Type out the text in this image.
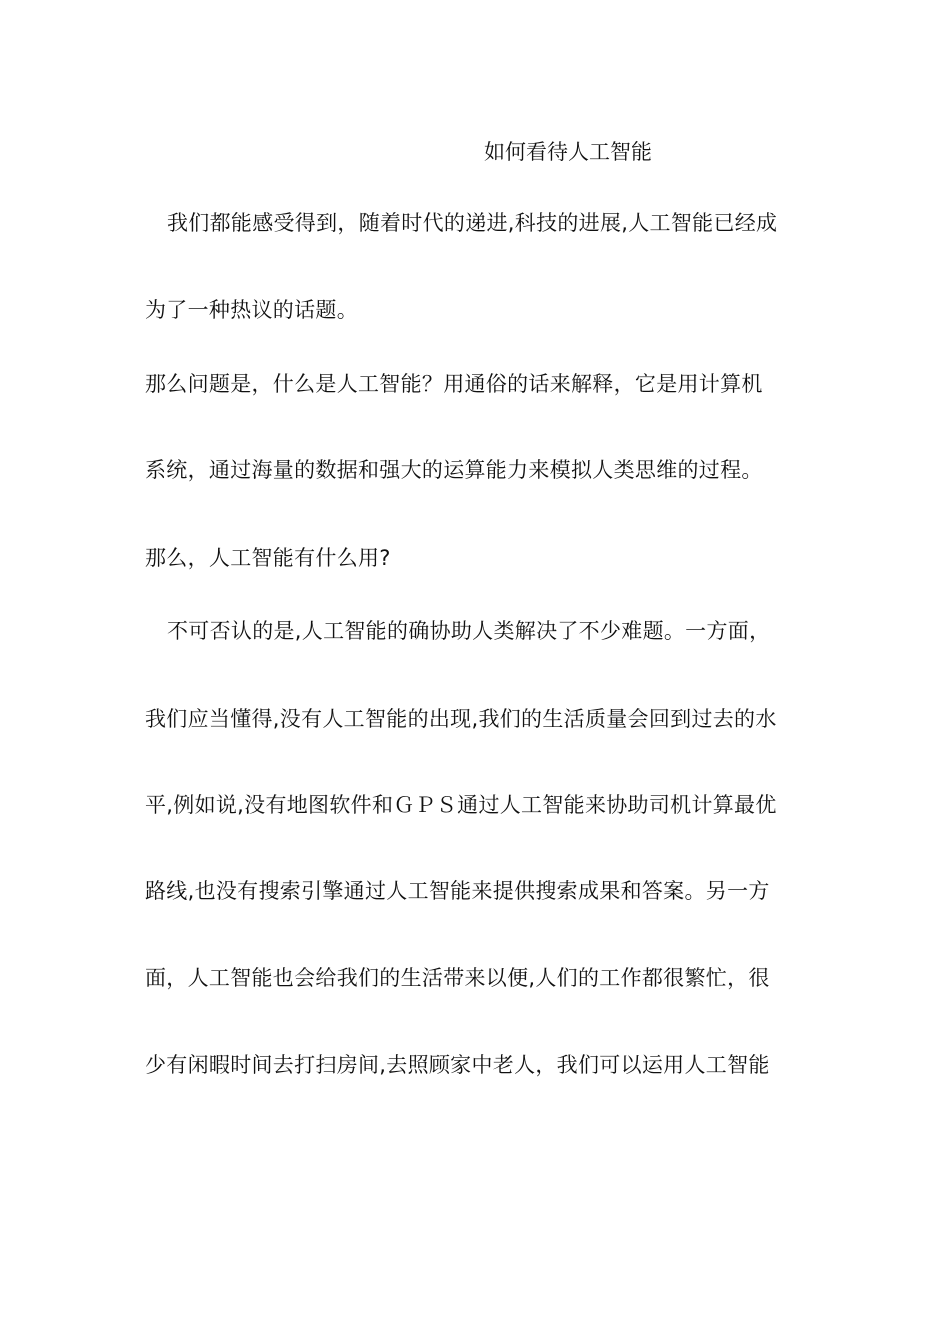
如何看待人工智能
我们都能感受得到，随着时代的递进,科技的进展,人工智能已经成
为了一种热议的话题。
那么问题是，什么是人工智能？用通俗的话来解释，它是用计算机
系统，通过海量的数据和强大的运算能力来模拟人类思维的过程。
那么，人工智能有什么用?
不可否认的是,人工智能的确协助人类解决了不少难题。一方面，
我们应当懂得,没有人工智能的出现,我们的生活质量会回到过去的水
平,例如说,没有地图软件和ＧＰＳ通过人工智能来协助司机计算最优
路线,也没有搜索引擎通过人工智能来提供搜索成果和答案。另一方
面，人工智能也会给我们的生活带来以便,人们的工作都很繁忙，很
少有闲暇时间去打扫房间,去照顾家中老人，我们可以运用人工智能
